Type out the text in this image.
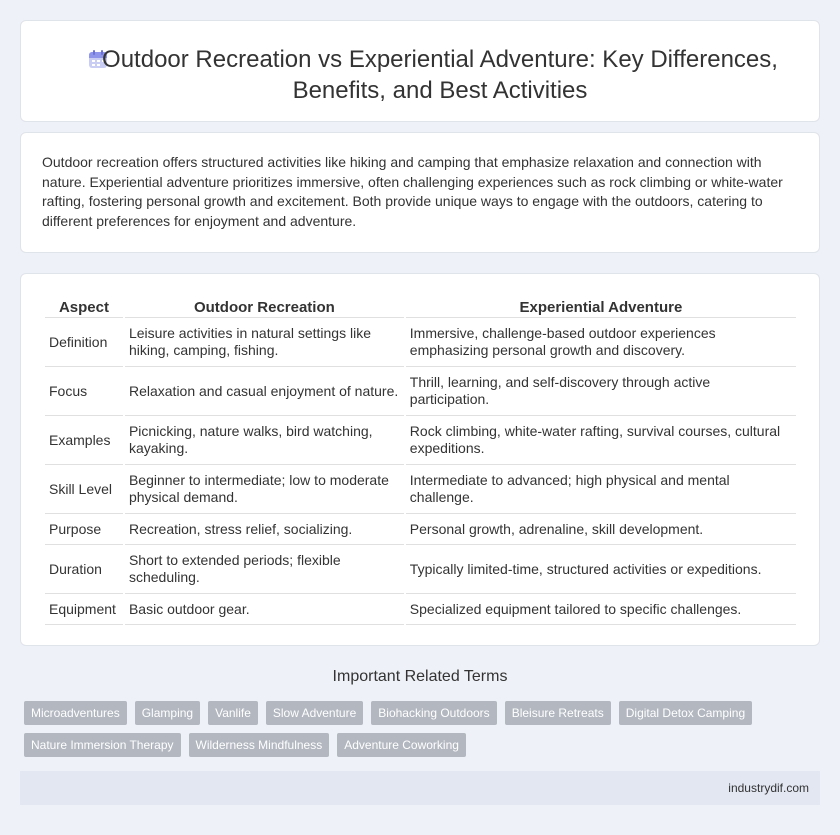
Outdoor Recreation vs Experiential Adventure: Key Differences, Benefits, and Best Activities

Outdoor recreation offers structured activities like hiking and camping that emphasize relaxation and connection with nature. Experiential adventure prioritizes immersive, often challenging experiences such as rock climbing or white-water rafting, fostering personal growth and excitement. Both provide unique ways to engage with the outdoors, catering to different preferences for enjoyment and adventure.

Aspect	Outdoor Recreation	Experiential Adventure
Definition	Leisure activities in natural settings like hiking, camping, fishing.	Immersive, challenge-based outdoor experiences emphasizing personal growth and discovery.
Focus	Relaxation and casual enjoyment of nature.	Thrill, learning, and self-discovery through active participation.
Examples	Picnicking, nature walks, bird watching, kayaking.	Rock climbing, white-water rafting, survival courses, cultural expeditions.
Skill Level	Beginner to intermediate; low to moderate physical demand.	Intermediate to advanced; high physical and mental challenge.
Purpose	Recreation, stress relief, socializing.	Personal growth, adrenaline, skill development.
Duration	Short to extended periods; flexible scheduling.	Typically limited-time, structured activities or expeditions.
Equipment	Basic outdoor gear.	Specialized equipment tailored to specific challenges.
Important Related Terms
Microadventures	Glamping	Vanlife	Slow Adventure	Biohacking Outdoors	Bleisure Retreats	Digital Detox Camping
Nature Immersion Therapy	Wilderness Mindfulness	Adventure Coworking
industrydif.com
